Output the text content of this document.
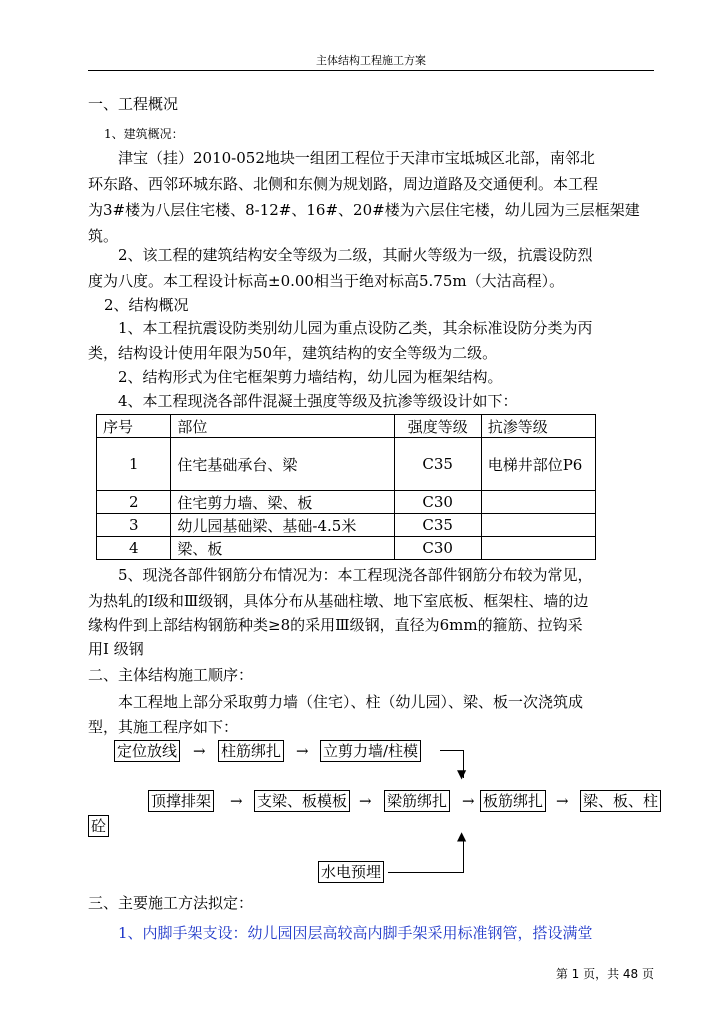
主体结构工程施工方案
一、工程概况
1、建筑概况：
津宝（挂）2010-052地块一组团工程位于天津市宝坻城区北部，南邻北
环东路、西邻环城东路、北侧和东侧为规划路，周边道路及交通便利。本工程
为3#楼为八层住宅楼、8-12#、16#、20#楼为六层住宅楼，幼儿园为三层框架建
筑。
2、该工程的建筑结构安全等级为二级，其耐火等级为一级，抗震设防烈
度为八度。本工程设计标高±0.00相当于绝对标高5.75m（大沽高程）。
2、结构概况
1、本工程抗震设防类别幼儿园为重点设防乙类，其余标准设防分类为丙
类，结构设计使用年限为50年，建筑结构的安全等级为二级。
2、结构形式为住宅框架剪力墙结构，幼儿园为框架结构。
4、本工程现浇各部件混凝土强度等级及抗渗等级设计如下：
序号	部位	强度等级	抗渗等级
1	住宅基础承台、梁	C35	电梯井部位P6
2	住宅剪力墙、梁、板	C30	
3	幼儿园基础梁、基础-4.5米	C35	
4	梁、板	C30	
5、现浇各部件钢筋分布情况为：本工程现浇各部件钢筋分布较为常见，
为热轧的Ⅰ级和Ⅲ级钢，具体分布从基础柱墩、地下室底板、框架柱、墙的边
缘构件到上部结构钢筋种类≥8的采用Ⅲ级钢，直径为6mm的箍筋、拉钩采
用Ⅰ 级钢
二、主体结构施工顺序：
本工程地上部分采取剪力墙（住宅）、柱（幼儿园）、梁、板一次浇筑成
型，其施工程序如下：
定位放线 → 柱筋绑扎 → 立剪力墙/柱模
▼
顶撑排架 → 支梁、板模板 → 梁筋绑扎 → 板筋绑扎 → 梁、板、柱
砼
▲
水电预埋
三、主要施工方法拟定：
1、内脚手架支设：幼儿园因层高较高内脚手架采用标准钢管，搭设满堂
第 1 页，共 48 页
